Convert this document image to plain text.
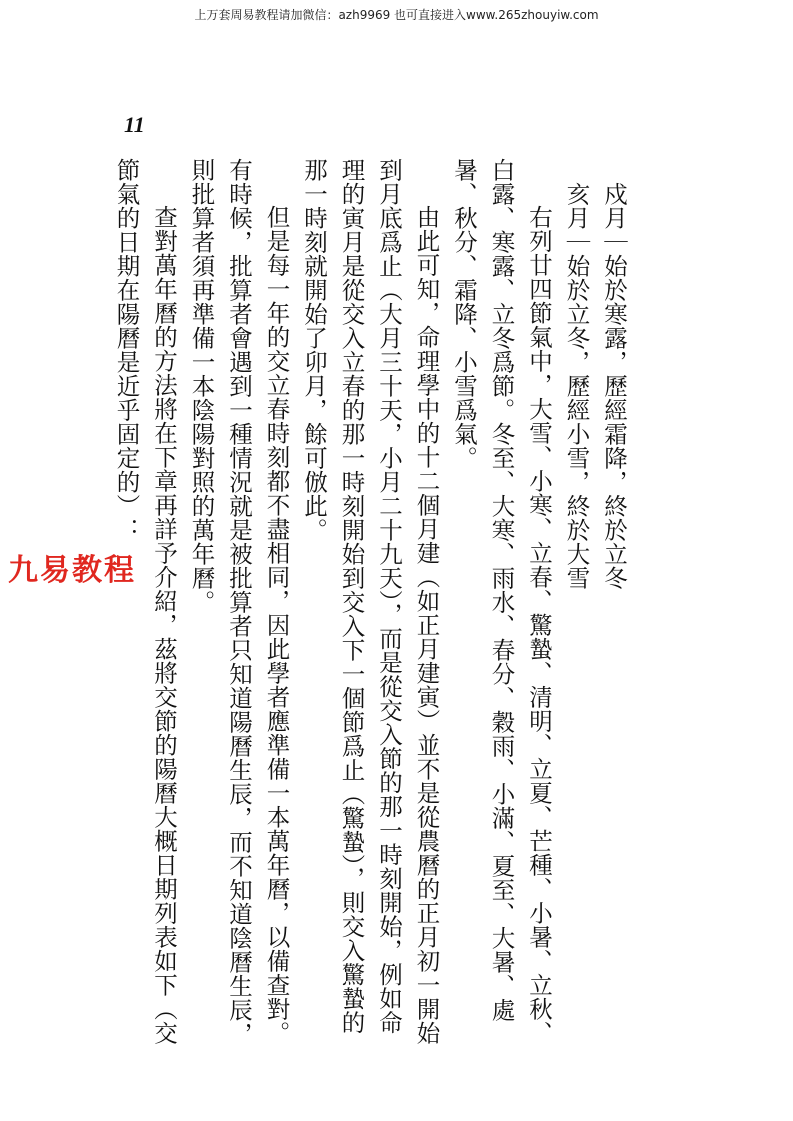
上万套周易教程请加微信：azh9969 也可直接进入www.265zhouyiw.com
11
九易教程	　戍月｜始於寒露，歷經霜降，終於立冬

　亥月｜始於立冬，歷經小雪，終於大雪

右列廿四節氣中，大雪、小寒、立春、驚蟄、清明、立夏、芒種、小暑、立秋、白露、寒露、立冬爲節。冬至、大寒、雨水、春分、穀雨、小滿、夏至、大暑、處暑、秋分、霜降、小雪爲氣。

由此可知，命理學中的十二個月建（如正月建寅）並不是從農曆的正月初一開始到月底爲止（大月三十天，小月二十九天），而是從交入節的那一時刻開始，例如命理的寅月是從交入立春的那一時刻開始到交入下一個節爲止（驚蟄），則交入驚蟄的那一時刻就開始了卯月，餘可倣此。

但是每一年的交立春時刻都不盡相同，因此學者應準備一本萬年曆，以備查對。有時候，批算者會遇到一種情況就是被批算者只知道陽曆生辰，而不知道陰曆生辰，則批算者須再準備一本陰陽對照的萬年曆。

查對萬年曆的方法將在下章再詳予介紹，茲將交節的陽曆大概日期列表如下（交節氣的日期在陽曆是近乎固定的）：
